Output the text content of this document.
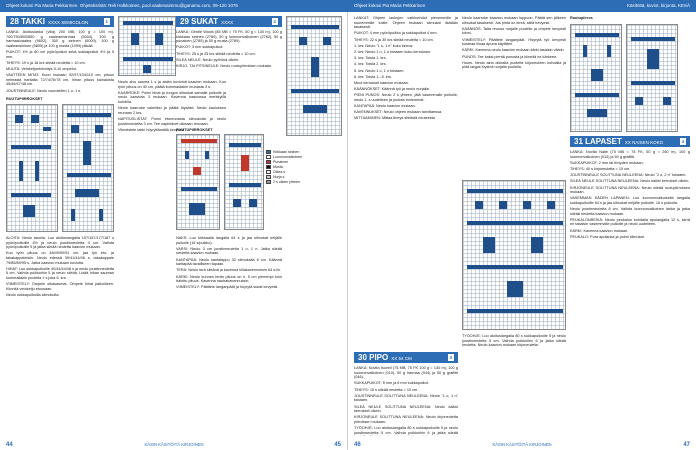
Ohjeet kokosi Pia Maria Pekkarinen. Ohjetekstistä: Reli Holkkoinen, puol.vaakesaimmu@ganamu.com, 09-120 1076
28 TAKKI XXXX SEMICOLON	1

LANKA: Aloituslanka (villa) 200 MB, 100 g = 100 m). 700/750/800/850 g vaaleanharmaa (5004), 100 g harmaa/vaalea (9602), 300 g sininen (6000), 100 g vaaleansininen (5805) ja 100 g musta (1099) pitkää.

PUIKOT: 4½ ja 80 cm pyöröpuikot sekä sukkapuikot 4½ ja 5 mm.

TIHEYS: 19 s ja 18 krs sileää neuletta = 10 cm.

MUUTA: Vetoketjunkiinnitys 5-10 ompelut.

VAATTEEN MITAT: Koon mukaan 92/97/104/110 cm, pituus helmasta hartialta 72/74/76/78 cm, hihan pituus kainalosta 45/46/47/48 cm.

JOUSTINNEULE: Neulo vuorotellen 1 o, 1 n.

RUUTUPIIRROKSET

ALOITA: Neulo tasolla. Luo aloituslangalla 157/167/177/187 s pyöröpuikoille 4½ ja neulo joustinneuletta 4 cm. Vaihda pyöröpuikoille 5 ja jatka sileää neuletta kaavion mukaan.

Kun työn pituus on 48/49/50/51 cm, jaa työ etu- ja takakappaleisiin. Neulo edessä 39/41/44/46 s, takakappale 79/85/89/95 s. Jatka kaavion mukaan kuvioita.

HIHAT: Luo sukkapuikoille 40/44/44/48 s ja neulo joustinneuletta 5 cm. Vaihda puikkoihin 5 ja neulo sileää. Lisää hihan sauman kummallakin puolella 1 s joka 6. krs.

VIIMEISTELY: Ompele olkasaumat. Ompele hihat paikoilleen. Kiinnitä vetoketju etuosaan.

Neulo sukkapuikoilla silmukoita.

Neulo sivu sauma 1 s ja aloita kuviointi kaavion mukaan. Kun työn pituus on 40 cm, päätä kummastakin reunasta 3 s.

KAARROKE: Poimi hihat ja rungon silmukat samalle puikolle ja neulo kaaviota 3 mukaan. Kavenna kaaviossa merkityillä kohdilla.

Neulo kaarroke valmiiksi ja päätä löysästi. Neulo kauluksen reunaan 2 krs.

NAPITUSLISTAT: Poimi etureunasta silmukoita ja neulo joustinneuletta 3 cm. Tee napinlävet oikeaan reunaan.

Viimeistele takki höyryttämällä kevyesti.

29 SUKAT XXXX	2

LANKA: Gentle Wools (85 MB = 75 FK, 50 g = 130 m), 100 g kirkkaan sininen (2780), 50 g luonnonvalkoinen (2782), 50 g punainen (2785) ja 50 g musta (2789).

PUIKOT: 3 mm sukkapuikot.

TIHEYS: 25 s ja 25 krs sileää neuletta = 10 cm.

SILEÄ NEULE: Neulo pyörönä oikein.

KIRJO- TAI PITSINEULE: Neulo ruutupiirroksen mukaan.

RUUTUPIIRROKSET
Kirkkaan sininen
Luonnonvalkoinen
Punainen
Musta
Oikea s
Nurja s
2 s oikein yhteen

NAKS: Luo kirkkaalla langalla 64 s ja jaa silmukat neljälle puikolle (16 s/puikko).

VARSI: Neulo 3 cm joustinneuletta 1 o, 1 n. Jatka sileää neuletta kaavion mukaan.

KANTAPÄÄ: Neulo kantalappu 32 silmukalla 6 cm. Käännä kantapää tavalliseen tapaan.

TERÄ: Neulo terä sileänä ja kavenna kiilakavennuksin 64 s:iin.

KÄRKI: Neulo kunnes terän pituus on n. 5 cm pienempi kuin haluttu pituus. Kavenna nauhakavennuksin.

VIIMEISTELY: Päättele langanpäät ja höyrytä sukat kevyesti.

KÄSIN KÄSITÖITÄ KIRJOINEN
44	45
Ohjeet kokosi Pia Maria Pekkarinen	Käsitöitä, kuviot, kirjonta, KESÄ

LANKAT: Ohjeen lankojen vaihtoehdot pienemmille ja suuremmille koille. Ohjeen mukaan silmukat lisätään tasaisesti.

PUIKOT: 4 mm pyöröpuikko ja sukkapuikot 4 mm.

TIHEYS: 22 s ja 30 krs sileää neuletta = 10 cm.

1. krs: Neulo "1 o, 1 n" koko kerros.

2. krs: Neulo 1 n, 1 o toistaen koko kerroksen.

3. krs: Toista 1. krs.

4. krs: Toista 2. krs.

5. krs: Neulo 1 o, 1 n toistaen.

6. krs: Toista 1.–5. krs.

Muut kerrokset kaavion mukaan.

KÄÄNNÖKSET: Käännä työ ja neulo nurjalta.

PIENI PUNOS: Neulo 2 o yhteen, jätä vasemmalle puikolle, neulo 1. s uudelleen ja pudota molemmat.

KANTAPÄÄ: Neulo kaavion mukaan.

KAVENNUKSET: Neulo ohjeen mukaan tarvittaessa.

MITTAAMINEN: Mittaa tiheys sileästä neuleesta.

30 PIPO XX 54 CM	3

LANKA: Novita Isoveli (75 MB, 75 FK 100 g = 130 m), 100 g luonnonvalkoinen (010), 50 g harmaa (044) ja 50 g grafiitti (046).

SUKKAPUIKOT: 5 mm ja 6 mm sukkapuikot.

TIHEYS: 15 s sileää neuletta = 10 cm.

JOUSTINNEULE SOLITTUNA NEULEENA: Neulo "1 o, 1 n" toistaen.

SILEÄ NEULE SOLITTUNA NEULEENA: Neulo kaikki kerrokset oikein.

KIRJONEULE SOLITTUNA NEULEENA: Neulo kirjoneuletta piirroksen mukaan.

TYÖOHJE: Luo aloituslangalla 80 s sukkapuikoille 5 ja neulo joustinneuletta 5 cm. Vaihda puikkoihin 6 ja jatka sileää

Neulo kaarroke kaavion mukaan loppuun. Päätä sen jälkeen silmukat tasaisesti. Jos pinta on kireä, silitä kevyesti.

KÄÄNNÖS: Taita reunus nurjalle puolelle ja ompele kevyesti kiinni.

VIIMEISTELY: Päättele langanpäät. Höyrytä työ kevyesti kosteaa liinaa apuna käyttäen.

KÄRKI: Kavenna neulo kaavion mukaan kärki tasaisin välein.

PUNOS: Tee kaksi pientä punosta ja kiinnitä ne kärkeen.

Huom. Neulo aina oikealta puolelta kirjoneuleen kohdalla ja pidä langat löysinä nurjalla puolella.

TYÖOHJE: Luo aloituslangalla 80 s sukkapuikoille 5 ja neulo joustinneuletta 5 cm. Vaihda puikkoihin 6 ja jatka sileää neuletta. Neulo kaavion mukaan kirjoneuletta.

Ruutupiirros
31 LAPASET XX NAISEN KOKO	4

LANKA: Novita Nalle (75 MB = 75 FK, 50 g = 260 m), 100 g luonnonvalkoinen (010) ja 50 g grafiitti.

SUKKAPUIKOT: 2 mm tai tiiviyden mukaan.

TIHEYS: 40 s kirjoneuletta = 10 cm.

JOUSTINNEULE SOLITTUNA NEULEENA: Neulo "2 o, 2 n" toistaen.

SILEÄ NEULE SOLITTUNA NEULEENA: Neulo kaikki kerrokset oikein.

KIRJONEULE SOLITTUNA NEULEENA: Neulo sileää ruutupiirroksen mukaan.

VASEMMAN KÄDEN LAPANEN: Luo luonnonvalkoisella langalla sukkapuikoille 64 s ja jaa silmukat neljälle puikolle, 16 s puikolla.

Neulo joustinneuletta 8 cm. Vaihda luonnonvalkoinen lanka ja jatka sileää neuletta kaavion mukaan.

PEUKALONREIKÄ: Neulo peukalon kohdalla apulangalla 12 s, siirrä ne takaisin vasemmalle puikolle ja neulo uudelleen.

KÄRKI: Kavenna kaavion mukaan.

PEUKALO: Pura apulanka ja poimi silmukat.

KÄSIN KÄSITÖITÄ KIRJOINEN
46	47
